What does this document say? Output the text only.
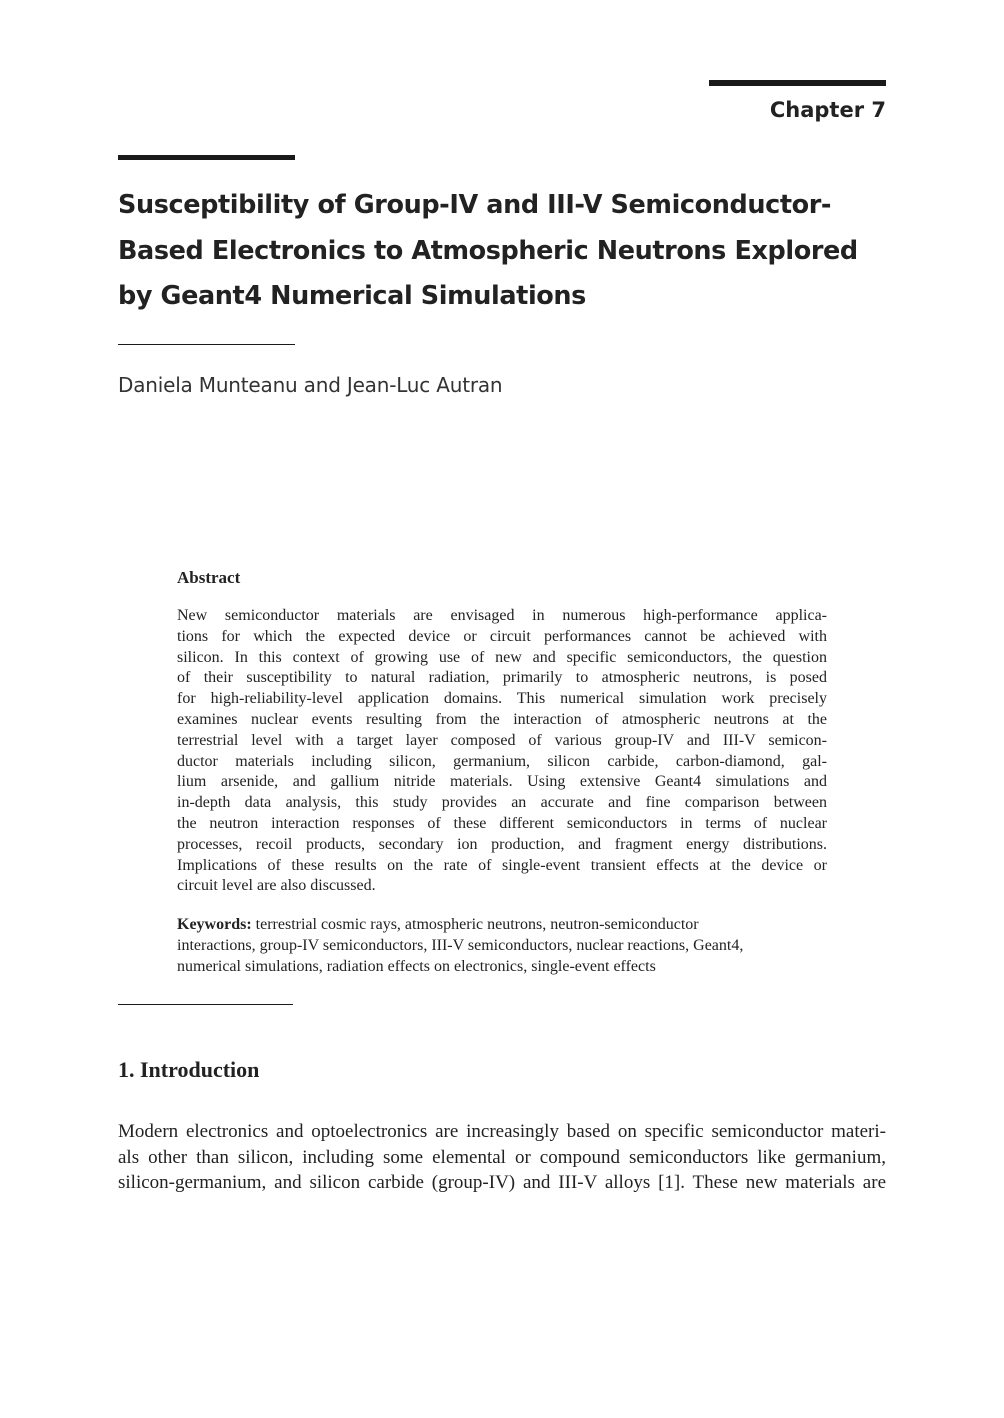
Chapter 7
Susceptibility of Group-IV and III-V Semiconductor-
Based Electronics to Atmospheric Neutrons Explored
by Geant4 Numerical Simulations
Daniela Munteanu and Jean-Luc Autran
Abstract
New semiconductor materials are envisaged in numerous high-performance applica-
tions for which the expected device or circuit performances cannot be achieved with
silicon. In this context of growing use of new and specific semiconductors, the question
of their susceptibility to natural radiation, primarily to atmospheric neutrons, is posed
for high-reliability-level application domains. This numerical simulation work precisely
examines nuclear events resulting from the interaction of atmospheric neutrons at the
terrestrial level with a target layer composed of various group-IV and III-V semicon-
ductor materials including silicon, germanium, silicon carbide, carbon-diamond, gal-
lium arsenide, and gallium nitride materials. Using extensive Geant4 simulations and
in-depth data analysis, this study provides an accurate and fine comparison between
the neutron interaction responses of these different semiconductors in terms of nuclear
processes, recoil products, secondary ion production, and fragment energy distributions.
Implications of these results on the rate of single-event transient effects at the device or
circuit level are also discussed.
Keywords: terrestrial cosmic rays, atmospheric neutrons, neutron-semiconductor
interactions, group-IV semiconductors, III-V semiconductors, nuclear reactions, Geant4,
numerical simulations, radiation effects on electronics, single-event effects
1. Introduction
Modern electronics and optoelectronics are increasingly based on specific semiconductor materi-
als other than silicon, including some elemental or compound semiconductors like germanium,
silicon-germanium, and silicon carbide (group-IV) and III-V alloys [1]. These new materials are
